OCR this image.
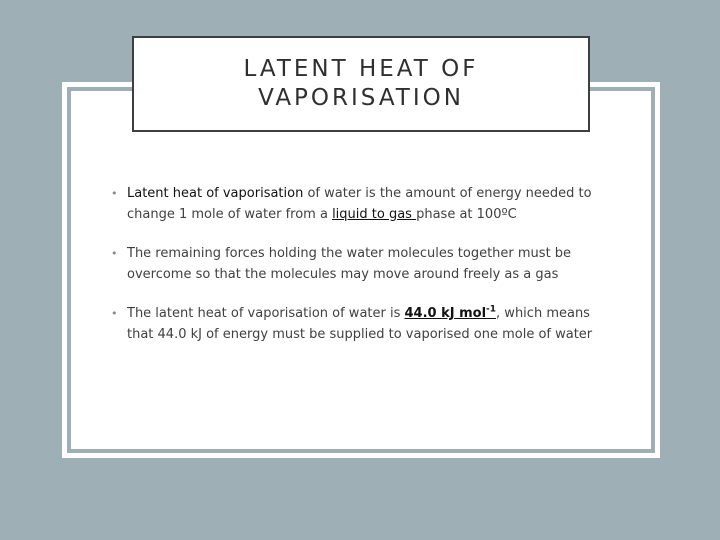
LATENT HEAT OF
VAPORISATION
• Latent heat of vaporisation of water is the amount of energy needed to change 1 mole of water from a liquid to gas phase at 100ºC
• The remaining forces holding the water molecules together must be overcome so that the molecules may move around freely as a gas
• The latent heat of vaporisation of water is 44.0 kJ mol$^{-1}$, which means that 44.0 kJ of energy must be supplied to vaporised one mole of water
